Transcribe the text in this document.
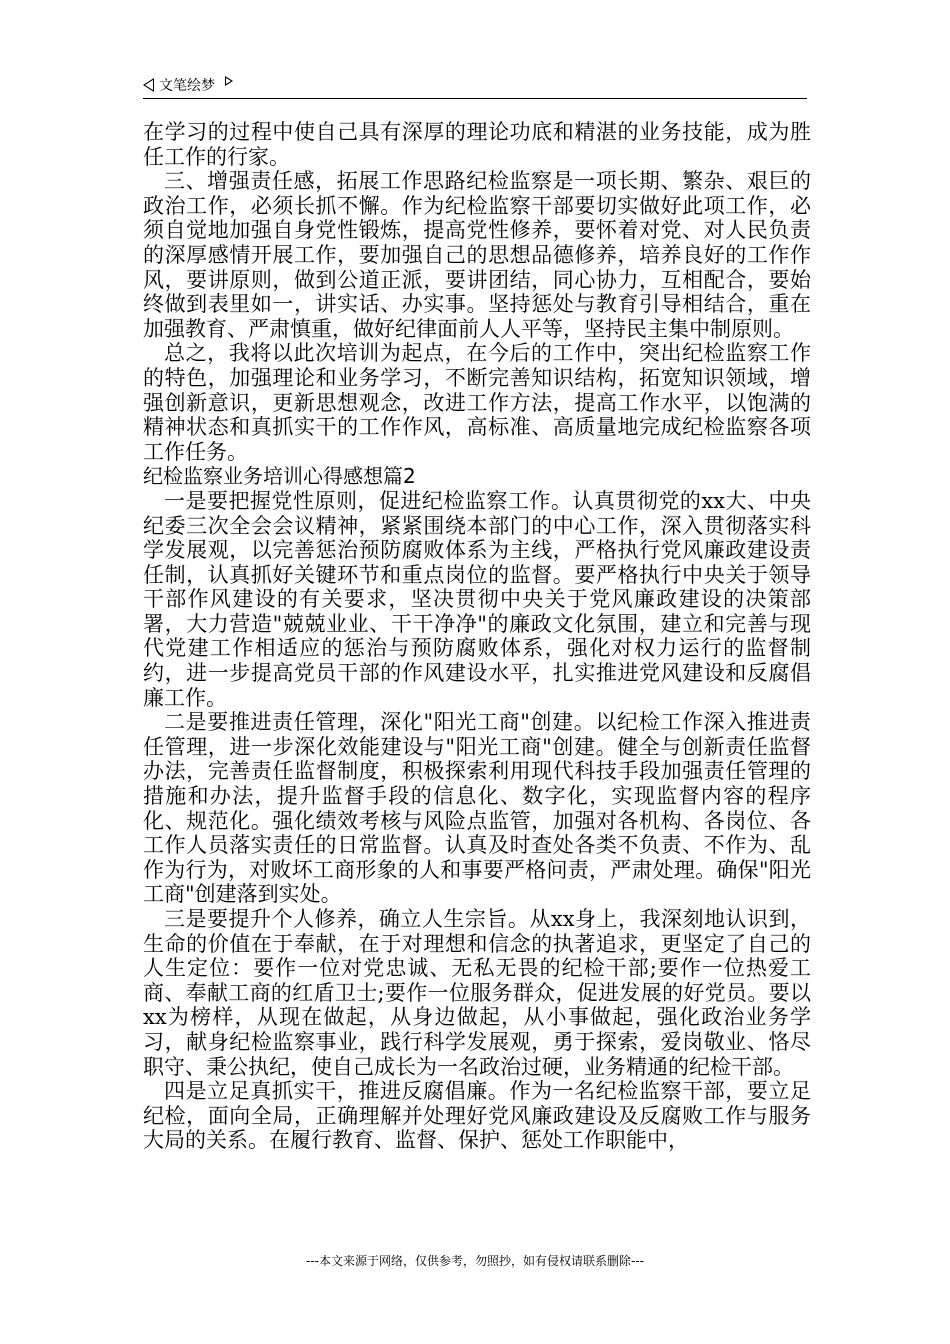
文笔绘梦

在学习的过程中使自己具有深厚的理论功底和精湛的业务技能，成为胜任工作的行家。

三、增强责任感，拓展工作思路纪检监察是一项长期、繁杂、艰巨的政治工作，必须长抓不懈。作为纪检监察干部要切实做好此项工作，必须自觉地加强自身党性锻炼，提高党性修养，要怀着对党、对人民负责的深厚感情开展工作，要加强自己的思想品德修养，培养良好的工作作风，要讲原则，做到公道正派，要讲团结，同心协力，互相配合，要始终做到表里如一，讲实话、办实事。坚持惩处与教育引导相结合，重在加强教育、严肃慎重，做好纪律面前人人平等，坚持民主集中制原则。

总之，我将以此次培训为起点，在今后的工作中，突出纪检监察工作的特色，加强理论和业务学习，不断完善知识结构，拓宽知识领域，增强创新意识，更新思想观念，改进工作方法，提高工作水平，以饱满的精神状态和真抓实干的工作作风，高标准、高质量地完成纪检监察各项工作任务。

纪检监察业务培训心得感想篇2

一是要把握党性原则，促进纪检监察工作。认真贯彻党的xx大、中央纪委三次全会会议精神，紧紧围绕本部门的中心工作，深入贯彻落实科学发展观，以完善惩治预防腐败体系为主线，严格执行党风廉政建设责任制，认真抓好关键环节和重点岗位的监督。要严格执行中央关于领导干部作风建设的有关要求，坚决贯彻中央关于党风廉政建设的决策部署，大力营造"兢兢业业、干干净净"的廉政文化氛围，建立和完善与现代党建工作相适应的惩治与预防腐败体系，强化对权力运行的监督制约，进一步提高党员干部的作风建设水平，扎实推进党风建设和反腐倡廉工作。

二是要推进责任管理，深化"阳光工商"创建。以纪检工作深入推进责任管理，进一步深化效能建设与"阳光工商"创建。健全与创新责任监督办法，完善责任监督制度，积极探索利用现代科技手段加强责任管理的措施和办法，提升监督手段的信息化、数字化，实现监督内容的程序化、规范化。强化绩效考核与风险点监管，加强对各机构、各岗位、各工作人员落实责任的日常监督。认真及时查处各类不负责、不作为、乱作为行为，对败坏工商形象的人和事要严格问责，严肃处理。确保"阳光工商"创建落到实处。

三是要提升个人修养，确立人生宗旨。从xx身上，我深刻地认识到，生命的价值在于奉献，在于对理想和信念的执著追求，更坚定了自己的人生定位：要作一位对党忠诚、无私无畏的纪检干部;要作一位热爱工商、奉献工商的红盾卫士;要作一位服务群众，促进发展的好党员。要以xx为榜样，从现在做起，从身边做起，从小事做起，强化政治业务学习，献身纪检监察事业，践行科学发展观，勇于探索，爱岗敬业、恪尽职守、秉公执纪，使自己成长为一名政治过硬，业务精通的纪检干部。

四是立足真抓实干，推进反腐倡廉。作为一名纪检监察干部，要立足纪检，面向全局，正确理解并处理好党风廉政建设及反腐败工作与服务大局的关系。在履行教育、监督、保护、惩处工作职能中，

---本文来源于网络，仅供参考，勿照抄，如有侵权请联系删除---
